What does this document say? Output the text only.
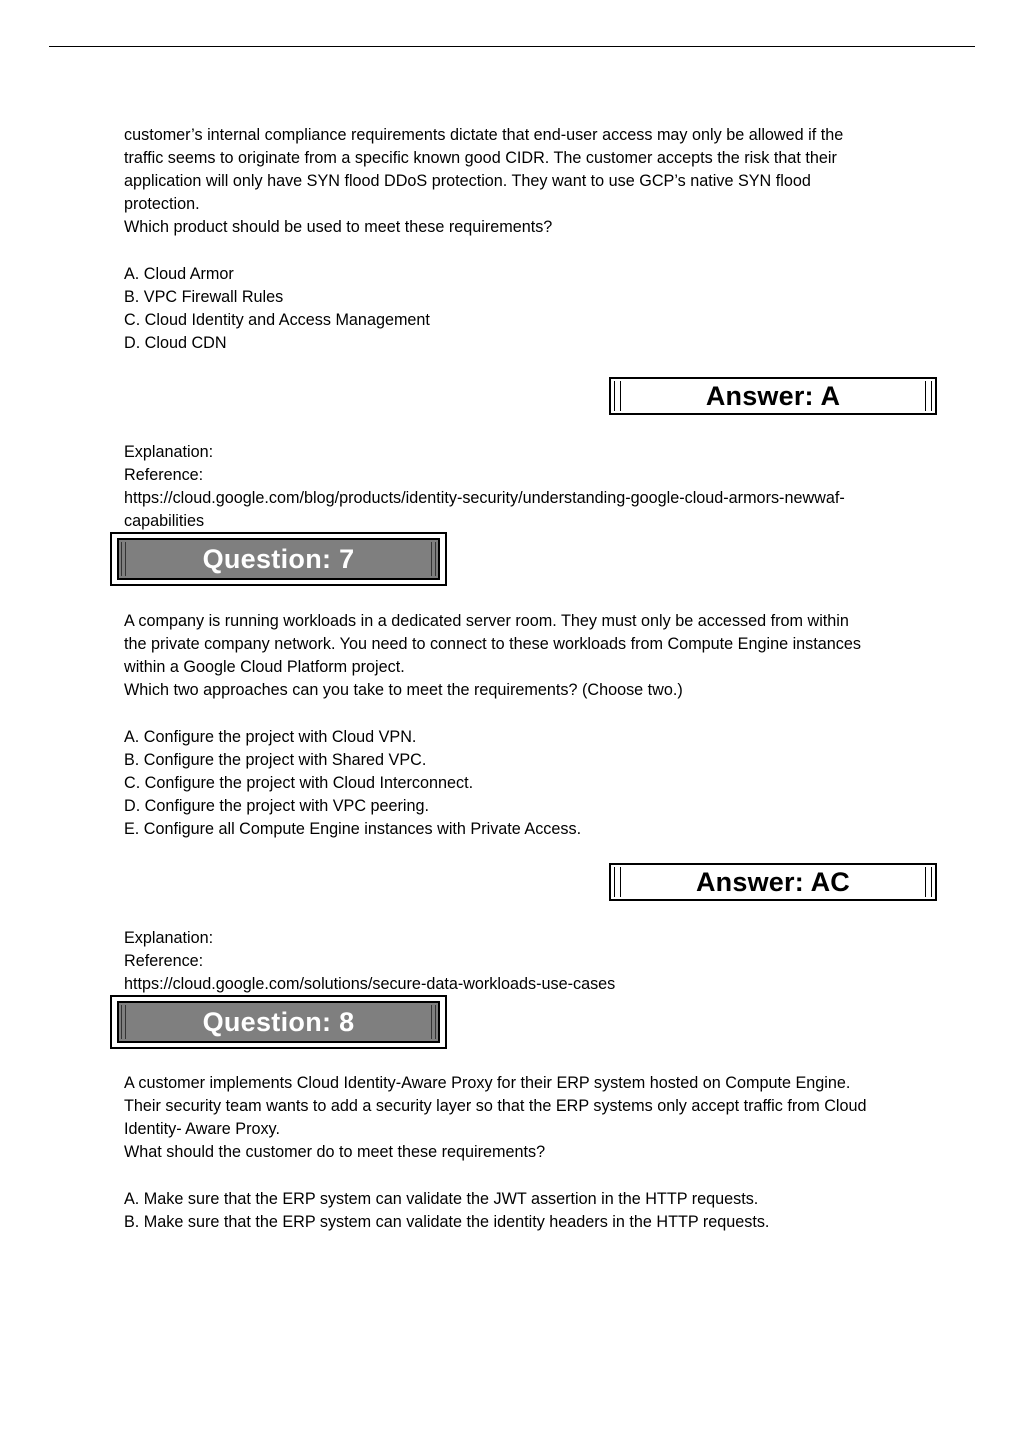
customer’s internal compliance requirements dictate that end-user access may only be allowed if the
traffic seems to originate from a specific known good CIDR. The customer accepts the risk that their
application will only have SYN flood DDoS protection. They want to use GCP’s native SYN flood
protection.
Which product should be used to meet these requirements?
A. Cloud Armor
B. VPC Firewall Rules
C. Cloud Identity and Access Management
D. Cloud CDN
Answer: A
Explanation:
Reference:
https://cloud.google.com/blog/products/identity-security/understanding-google-cloud-armors-newwaf-
capabilities
Question: 7
A company is running workloads in a dedicated server room. They must only be accessed from within
the private company network. You need to connect to these workloads from Compute Engine instances
within a Google Cloud Platform project.
Which two approaches can you take to meet the requirements? (Choose two.)
A. Configure the project with Cloud VPN.
B. Configure the project with Shared VPC.
C. Configure the project with Cloud Interconnect.
D. Configure the project with VPC peering.
E. Configure all Compute Engine instances with Private Access.
Answer: AC
Explanation:
Reference:
https://cloud.google.com/solutions/secure-data-workloads-use-cases
Question: 8
A customer implements Cloud Identity-Aware Proxy for their ERP system hosted on Compute Engine.
Their security team wants to add a security layer so that the ERP systems only accept traffic from Cloud
Identity- Aware Proxy.
What should the customer do to meet these requirements?
A. Make sure that the ERP system can validate the JWT assertion in the HTTP requests.
B. Make sure that the ERP system can validate the identity headers in the HTTP requests.
